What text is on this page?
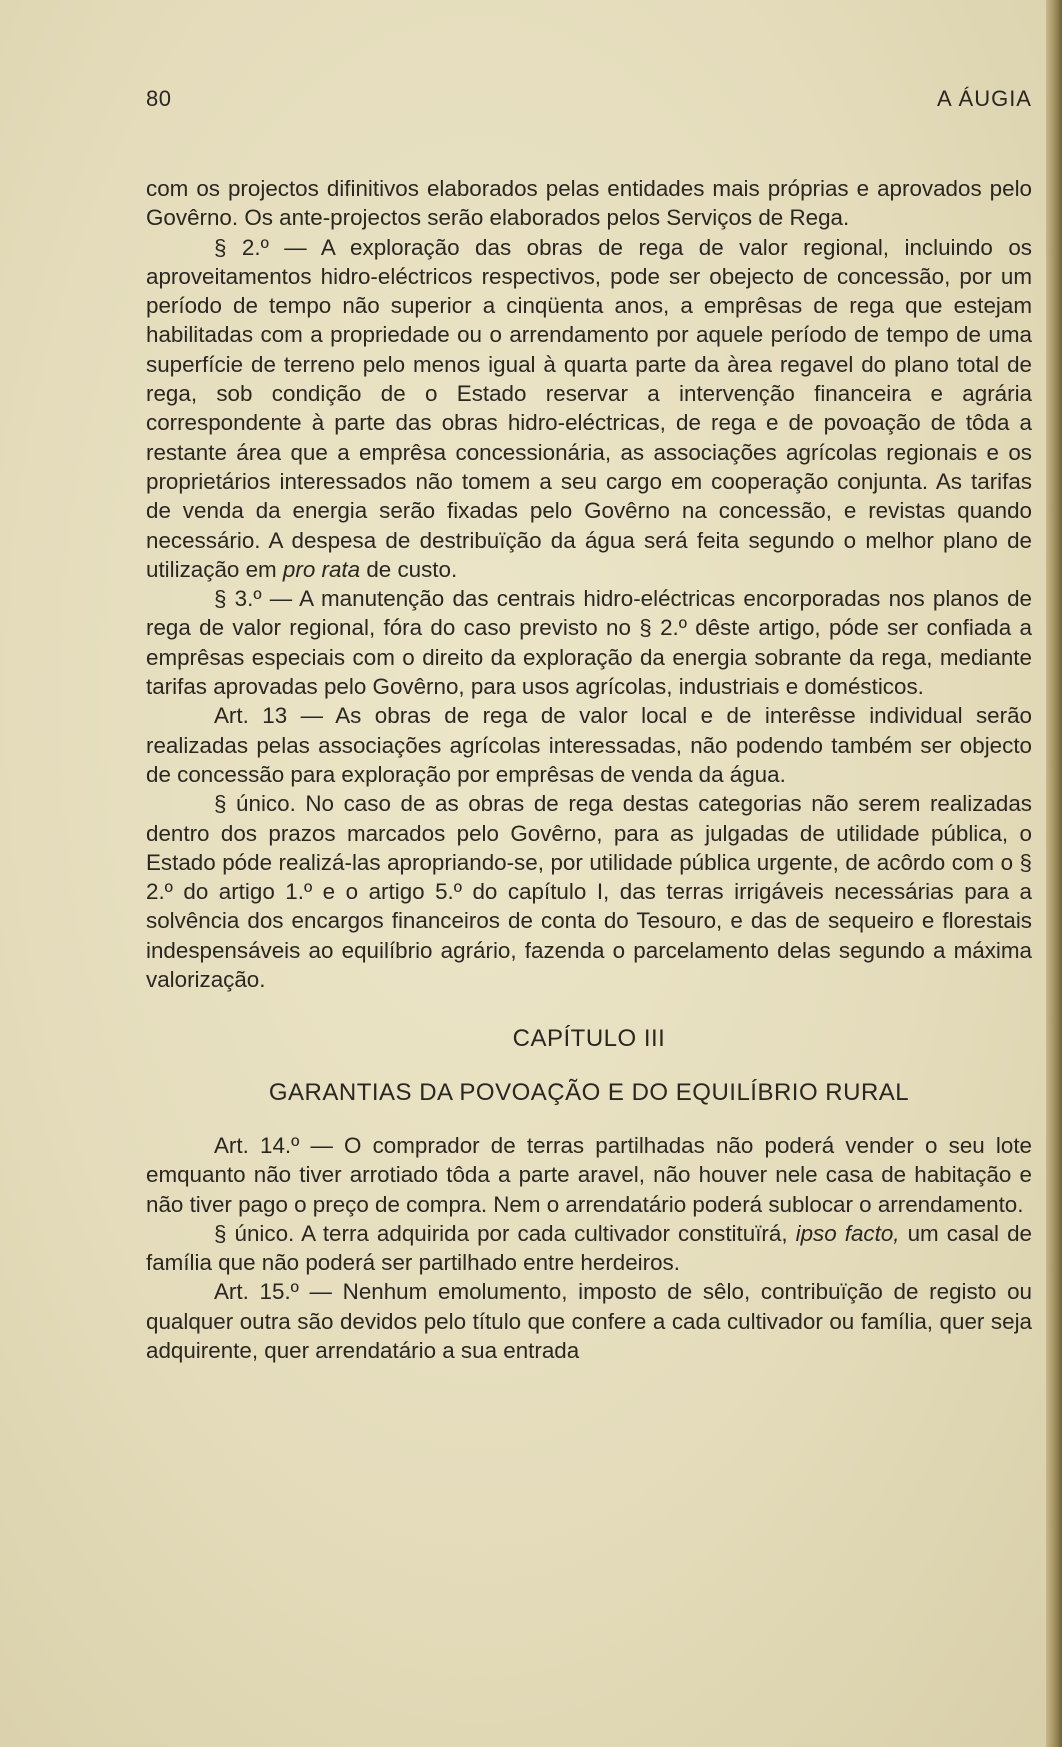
80	A ÁUGIA

com os projectos difinitivos elaborados pelas entidades mais próprias e aprovados pelo Govêrno. Os ante-projectos serão elaborados pelos Serviços de Rega.

§ 2.º — A exploração das obras de rega de valor regional, incluindo os aproveitamentos hidro-eléctricos respectivos, pode ser obejecto de concessão, por um período de tempo não superior a cinqüenta anos, a emprêsas de rega que estejam habilitadas com a propriedade ou o arrendamento por aquele período de tempo de uma superfície de terreno pelo menos igual à quarta parte da àrea regavel do plano total de rega, sob condição de o Estado reservar a intervenção financeira e agrária correspondente à parte das obras hidro-eléctricas, de rega e de povoação de tôda a restante área que a emprêsa concessionária, as associações agrícolas regionais e os proprietários interessados não tomem a seu cargo em cooperação conjunta. As tarifas de venda da energia serão fixadas pelo Govêrno na concessão, e revistas quando necessário. A despesa de destribuïção da água será feita segundo o melhor plano de utilização em pro rata de custo.

§ 3.º — A manutenção das centrais hidro-eléctricas encorporadas nos planos de rega de valor regional, fóra do caso previsto no § 2.º dêste artigo, póde ser confiada a emprêsas especiais com o direito da exploração da energia sobrante da rega, mediante tarifas aprovadas pelo Govêrno, para usos agrícolas, industriais e domésticos.

Art. 13 — As obras de rega de valor local e de interêsse individual serão realizadas pelas associações agrícolas interessadas, não podendo também ser objecto de concessão para exploração por emprêsas de venda da água.

§ único. No caso de as obras de rega destas categorias não serem realizadas dentro dos prazos marcados pelo Govêrno, para as julgadas de utilidade pública, o Estado póde realizá-las apropriando-se, por utilidade pública urgente, de acôrdo com o § 2.º do artigo 1.º e o artigo 5.º do capítulo I, das terras irrigáveis necessárias para a solvência dos encargos financeiros de conta do Tesouro, e das de sequeiro e florestais indespensáveis ao equilíbrio agrário, fazenda o parcelamento delas segundo a máxima valorização.

CAPÍTULO III

GARANTIAS DA POVOAÇÃO E DO EQUILÍBRIO RURAL

Art. 14.º — O comprador de terras partilhadas não poderá vender o seu lote emquanto não tiver arrotiado tôda a parte aravel, não houver nele casa de habitação e não tiver pago o preço de compra. Nem o arrendatário poderá sublocar o arrendamento.

§ único. A terra adquirida por cada cultivador constituïrá, ipso facto, um casal de família que não poderá ser partilhado entre herdeiros.

Art. 15.º — Nenhum emolumento, imposto de sêlo, contribuïção de registo ou qualquer outra são devidos pelo título que confere a cada cultivador ou família, quer seja adquirente, quer arrendatário a sua entrada
